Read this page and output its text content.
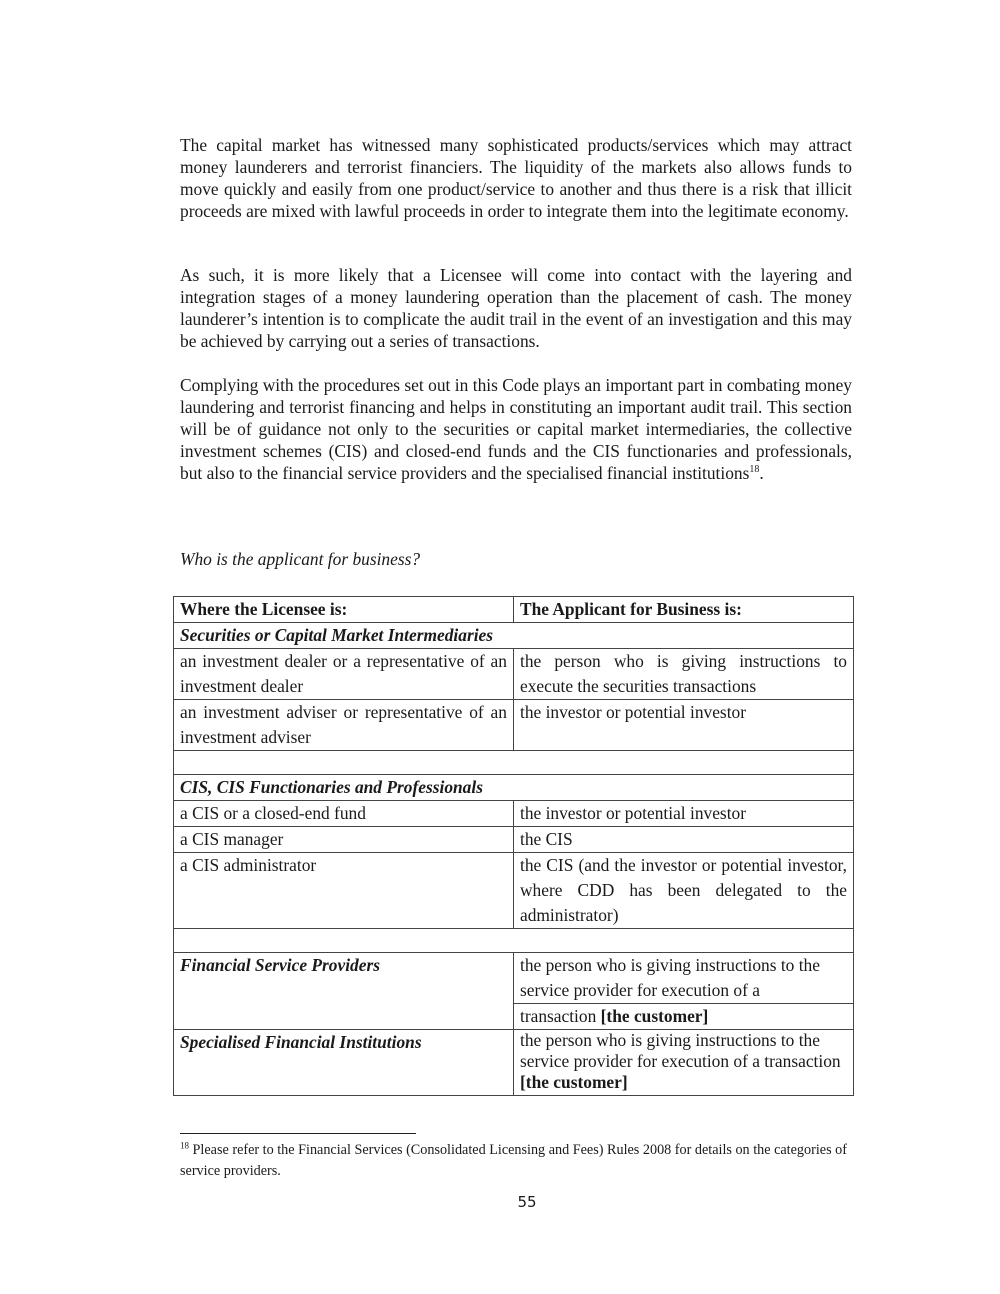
The capital market has witnessed many sophisticated products/services which may attract money launderers and terrorist financiers. The liquidity of the markets also allows funds to move quickly and easily from one product/service to another and thus there is a risk that illicit proceeds are mixed with lawful proceeds in order to integrate them into the legitimate economy.

As such, it is more likely that a Licensee will come into contact with the layering and integration stages of a money laundering operation than the placement of cash. The money launderer’s intention is to complicate the audit trail in the event of an investigation and this may be achieved by carrying out a series of transactions.

Complying with the procedures set out in this Code plays an important part in combating money laundering and terrorist financing and helps in constituting an important audit trail. This section will be of guidance not only to the securities or capital market intermediaries, the collective investment schemes (CIS) and closed-end funds and the CIS functionaries and professionals, but also to the financial service providers and the specialised financial institutions$^{18}$.

Who is the applicant for business?

Where the Licensee is:	The Applicant for Business is:
Securities or Capital Market Intermediaries	
an investment dealer or a representative of an investment dealer	the person who is giving instructions to execute the securities transactions
an investment adviser or representative of an investment adviser	the investor or potential investor

CIS, CIS Functionaries and Professionals	
a CIS or a closed-end fund	the investor or potential investor
a CIS manager	the CIS
a CIS administrator	the CIS (and the investor or potential investor, where CDD has been delegated to the administrator)

Financial Service Providers	the person who is giving instructions to the service provider for execution of a
	transaction [the customer]
Specialised Financial Institutions	the person who is giving instructions to the service provider for execution of a transaction [the customer]

$^{18}$ Please refer to the Financial Services (Consolidated Licensing and Fees) Rules 2008 for details on the categories of service providers.

55
